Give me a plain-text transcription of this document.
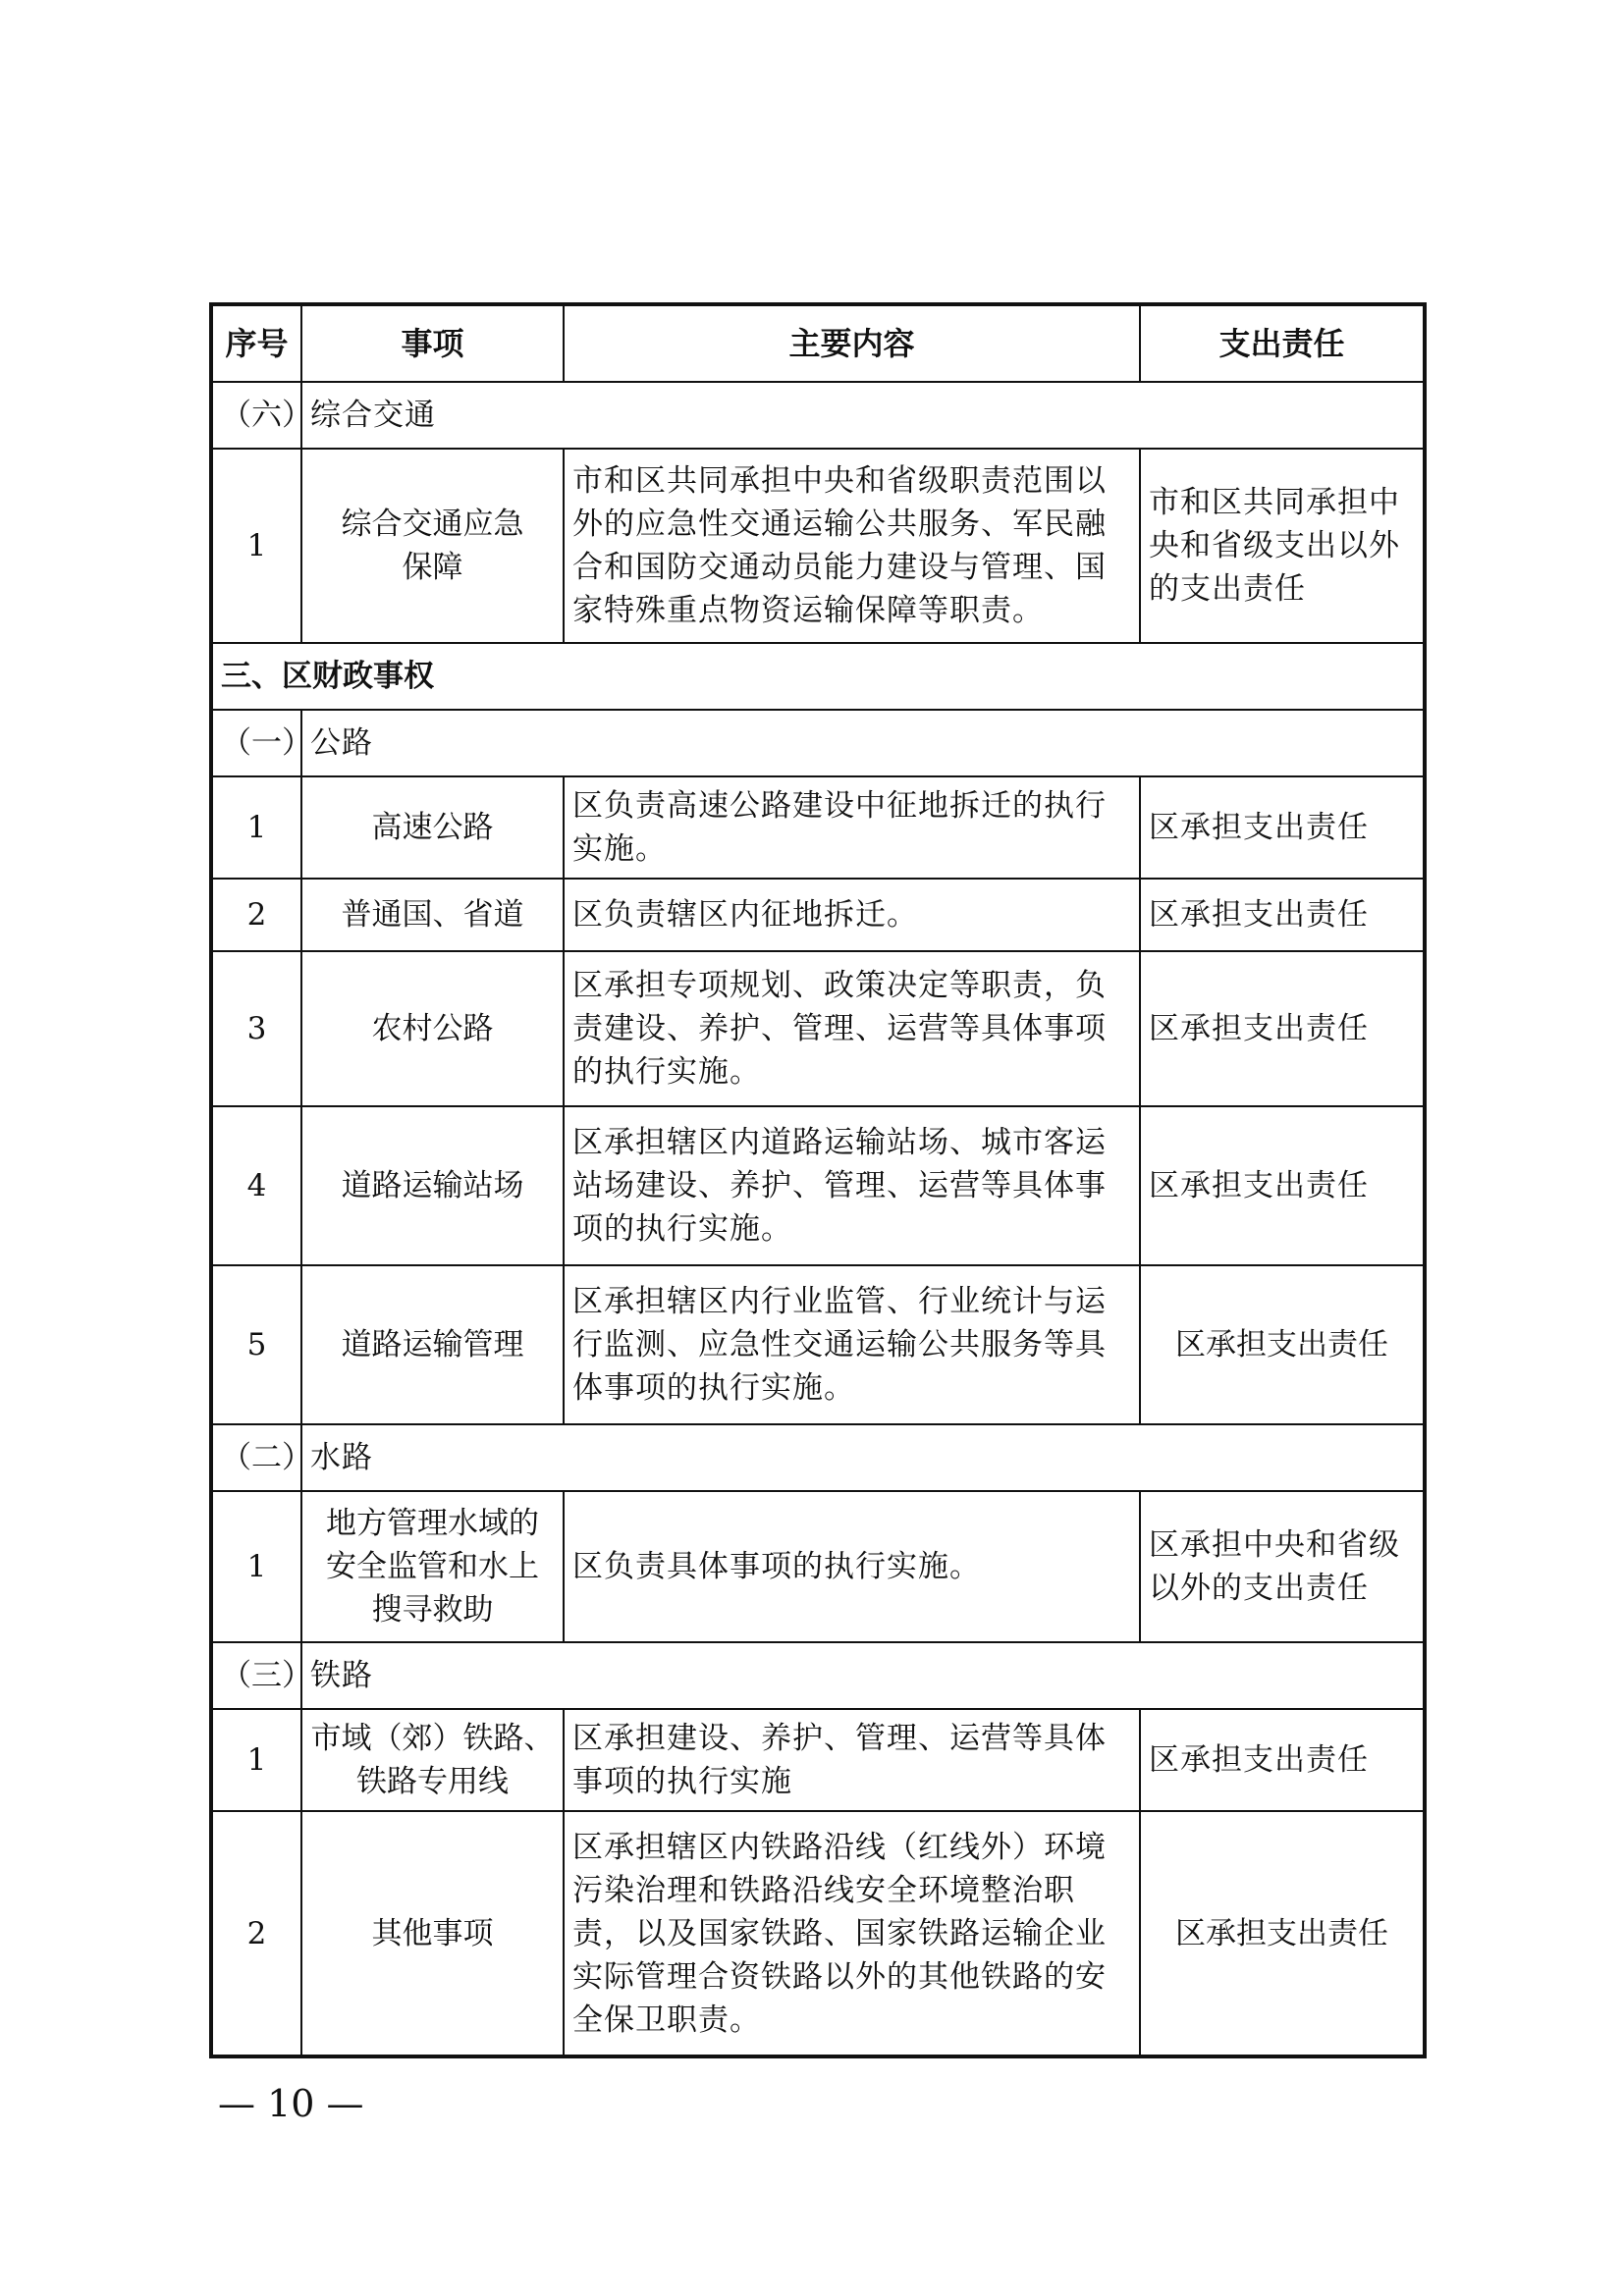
序号	事项	主要内容	支出责任
（六）	综合交通		
1	综合交通应急保障	市和区共同承担中央和省级职责范围以外的应急性交通运输公共服务、军民融合和国防交通动员能力建设与管理、国家特殊重点物资运输保障等职责。	市和区共同承担中央和省级支出以外的支出责任
三、区财政事权			
（一）	公路		
1	高速公路	区负责高速公路建设中征地拆迁的执行实施。	区承担支出责任
2	普通国、省道	区负责辖区内征地拆迁。	区承担支出责任
3	农村公路	区承担专项规划、政策决定等职责，负责建设、养护、管理、运营等具体事项的执行实施。	区承担支出责任
4	道路运输站场	区承担辖区内道路运输站场、城市客运站场建设、养护、管理、运营等具体事项的执行实施。	区承担支出责任
5	道路运输管理	区承担辖区内行业监管、行业统计与运行监测、应急性交通运输公共服务等具体事项的执行实施。	区承担支出责任
（二）	水路		
1	地方管理水域的安全监管和水上搜寻救助	区负责具体事项的执行实施。	区承担中央和省级以外的支出责任
（三）	铁路		
1	市域（郊）铁路、铁路专用线	区承担建设、养护、管理、运营等具体事项的执行实施	区承担支出责任
2	其他事项	区承担辖区内铁路沿线（红线外）环境污染治理和铁路沿线安全环境整治职责，以及国家铁路、国家铁路运输企业实际管理合资铁路以外的其他铁路的安全保卫职责。	区承担支出责任
— 10 —
